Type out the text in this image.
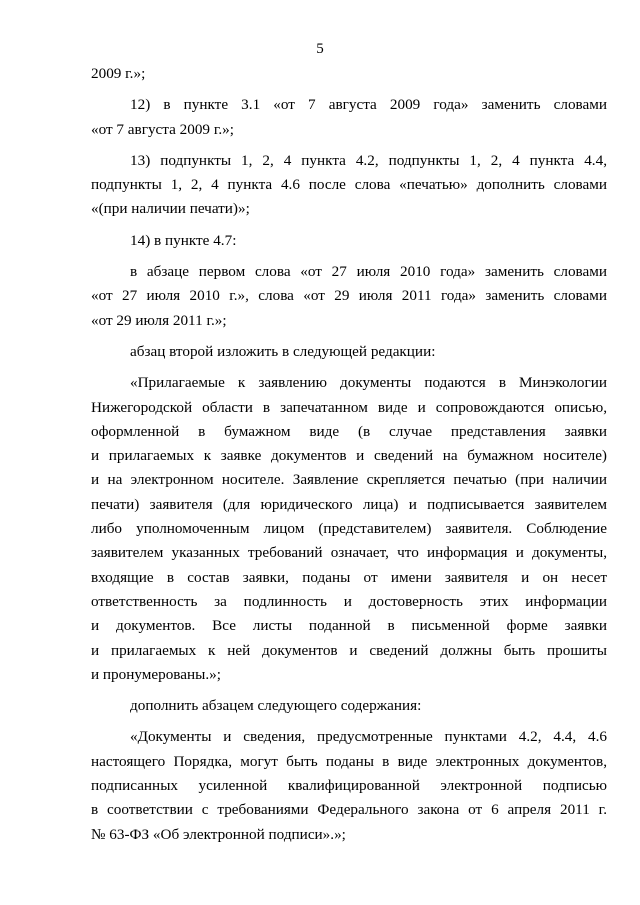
5
2009 г.»;
12) в пункте 3.1 «от 7 августа 2009 года» заменить словами
«от 7 августа 2009 г.»;
13) подпункты 1, 2, 4 пункта 4.2, подпункты 1, 2, 4 пункта 4.4,
подпункты 1, 2, 4 пункта 4.6 после слова «печатью» дополнить словами
«(при наличии печати)»;
14) в пункте 4.7:
в абзаце первом слова «от 27 июля 2010 года» заменить словами
«от 27 июля 2010 г.», слова «от 29 июля 2011 года» заменить словами
«от 29 июля 2011 г.»;
абзац второй изложить в следующей редакции:
«Прилагаемые к заявлению документы подаются в Минэкологии
Нижегородской области в запечатанном виде и сопровождаются описью,
оформленной в бумажном виде (в случае представления заявки
и прилагаемых к заявке документов и сведений на бумажном носителе)
и на электронном носителе. Заявление скрепляется печатью (при наличии
печати) заявителя (для юридического лица) и подписывается заявителем
либо уполномоченным лицом (представителем) заявителя. Соблюдение
заявителем указанных требований означает, что информация и документы,
входящие в состав заявки, поданы от имени заявителя и он несет
ответственность за подлинность и достоверность этих информации
и документов. Все листы поданной в письменной форме заявки
и прилагаемых к ней документов и сведений должны быть прошиты
и пронумерованы.»;
дополнить абзацем следующего содержания:
«Документы и сведения, предусмотренные пунктами 4.2, 4.4, 4.6
настоящего Порядка, могут быть поданы в виде электронных документов,
подписанных усиленной квалифицированной электронной подписью
в соответствии с требованиями Федерального закона от 6 апреля 2011 г.
№ 63-ФЗ «Об электронной подписи».»;
